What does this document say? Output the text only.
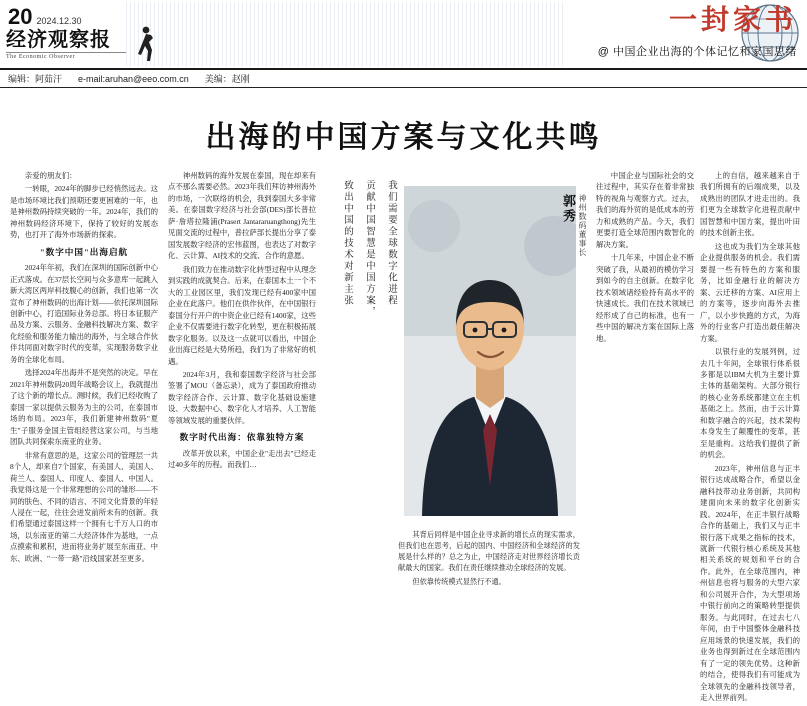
20 2024.12.30
经济观察报
The Economic Observer
一封家书
@ 中国企业出海的个体记忆和家国思绪
编辑：阿茹汗 e-mail:aruhan@eeo.com.cn 美编：赵刚
出海的中国方案与文化共鸣

亲爱的朋友们：

一转眼，2024年的脚步已经悄然远去。这是市场环境比我们预期还要更困难的一年，也是神州数码持续突破的一年。2024年，我们的神州数码经济环境下，保持了较好的发展态势，也打开了海外市场新的探索。

"数字中国"出海启航

2024年年初，我们在深圳的国际创新中心正式落成。在37层长空间与众多意库一起跳入新大湾区两岸科技腹心的创新，我们也第一次宣布了神州数码的出海计划——依托深圳国际创新中心，打造国际业务总部。将日本征服产品及方案、云服务、金融科技解决方案、数字化经验和服务能力输出的海外，与全球合作伙伴共同面对数字时代的变革，实现服务数字业务的全球化布局。

选择2024年出海并不是突然的决定。早在2021年神州数码20周年战略会议上，我就提出了这个新的增长点。测时候，我们已经收购了泰国一家以提供云服务为主的公司，在泰国市场的布局。2023年，我们新建神州数码"夏生"子服务金国主管组经营这家公司，与当地团队共同探索东南亚的业务。

非常有意思的是，这家公司的管理层一共8个人，却来自7个国家，有美国人、美国人、荷兰人、泰国人、印度人、泰国人、中国人。我觉得这是一个非常理想的公司的雏形——不同的肤色、不同的语言、不同文化背景的年轻人浸在一起，往往会迸发前所未有的创新。我们希望通过泰国这样一个拥有七千万人口的市场，以东南亚的第二大经济体作为基地，一点点摸索和累积，进而将业务扩展至东南亚、中东、欧洲、"一带一路"沿线国家甚至更多。

神州数码的海外发展在泰国，现在却来有点不那么需要必然。2023年我们拜访神州海外的市场，一次联络的机会，我到泰国大多非常美。在泰国数字经济与社会部(DES)部长普拉萨·詹塔拉隆浦(Prasert Jantararuangthong)先生见面交流的过程中，普拉萨部长提出分享了泰国发展数字经济的宏伟蓝图，也表达了对数字化、云计算、AI技术的交流、合作的意愿。

我们致力在推动数字化转型过程中从理念到实践的成就契合。后来，在泰国本土一个不大的工业园区里，我们发现已经有400家中国企业在此落户。他们在供作伙伴，在中国银行泰国分行开户的中资企业已经有1400家，这些企业不仅需要进行数字化转型，更在积极拓展数字化服务。以及这一点就可以看出，中国企业出海已经是大势所趋，我们为了非常好的机遇。

2024年3月，我和泰国数字经济与社会部签署了MOU（备忘录），成为了泰国政府推动数字经济合作、云计算、数字化基础设施建设、大数据中心、数字化人才培养、人工智能等领域发展的重要伙伴。

数字时代出海：依靠独特方案

改革开放以来，中国企业"走出去"已经走过40多年的历程。而我们…

致出中国的技术对新主张	贡献中国智慧是中国方案，	我们需要全球数字化进程	郭秀 神州数码董事长

其背后同样是中国企业寻求新的增长点的现实需求，但我们也在思考，后起的国内、中国经济和全球经济的发展是什么样的？总之为止，中国经济走对世界经济增长贡献最大的国家。我们在责任继续推动全球经济的发展。

但依靠传统模式显然行不通。

中国企业与国际社会的交往过程中，其实存在着非常独特的视角与观察方式。过去，我们的海外贸的是低成本的劳力和成熟的产品。今天，我们更要打造全球范围内数智化的解决方案。

十几年来，中国企业不断突破了我，从最初的模仿学习到如今的自主创新。在数字化技术领域诸经验持有高水平的快速成长。我们在技术领域已经形成了自己的标准，也有一些中国的解决方案在国际上落地。

上的自信，越来越来自于我们所拥有的后端成果，以及成熟出的团队才进走出的。我们更为全球数字化进程贡献中国智慧和中国方案，提出叶田的技术创新主张。

这也成为我们为全球其他企业提供服务的机会。我们需要提一些有特色的方案和服务，比如金融行业的解决方案、云迁移的方案、AI应用上的方案等，逐步向海外去推广，以小步快跑的方式，为海外的行业客户打造出最佳解决方案。

以银行业的发展列例，过去几十年间，全球银行体系很多都是以IBM大机为主要计算主体的基础架构。大部分银行的核心业务系统都建立在主机基础之上。然而，由于云计算和数字融合的兴起，技术架构本身发生了颠覆性的变革，甚至是重构。这给我们提供了新的机会。

2023年，神州信息与正丰银行达成战略合作，希望以金融科技带动业务创新，共同构建面向未来的数字化创新实践。2024年，在正丰银行战略合作的基础上，我们又与正丰银行落下成果之指标的技术，就新一代银行核心系统及其他相关系统的规划和平台的合作。此外，在全球范围内，神州信息也将与服务的大型六家和公司展开合作，为大型项场中银行前向之的策略转型提供服务。与此同时，在过去七八年间，由于中国整体金融科技应用场景的快速发展，我们的业务也得到新过在全球范围内有了一定的领先优势。这种新的结合，使得我们有可能成为全球领先的金融科技领导者，走入世界前列。
